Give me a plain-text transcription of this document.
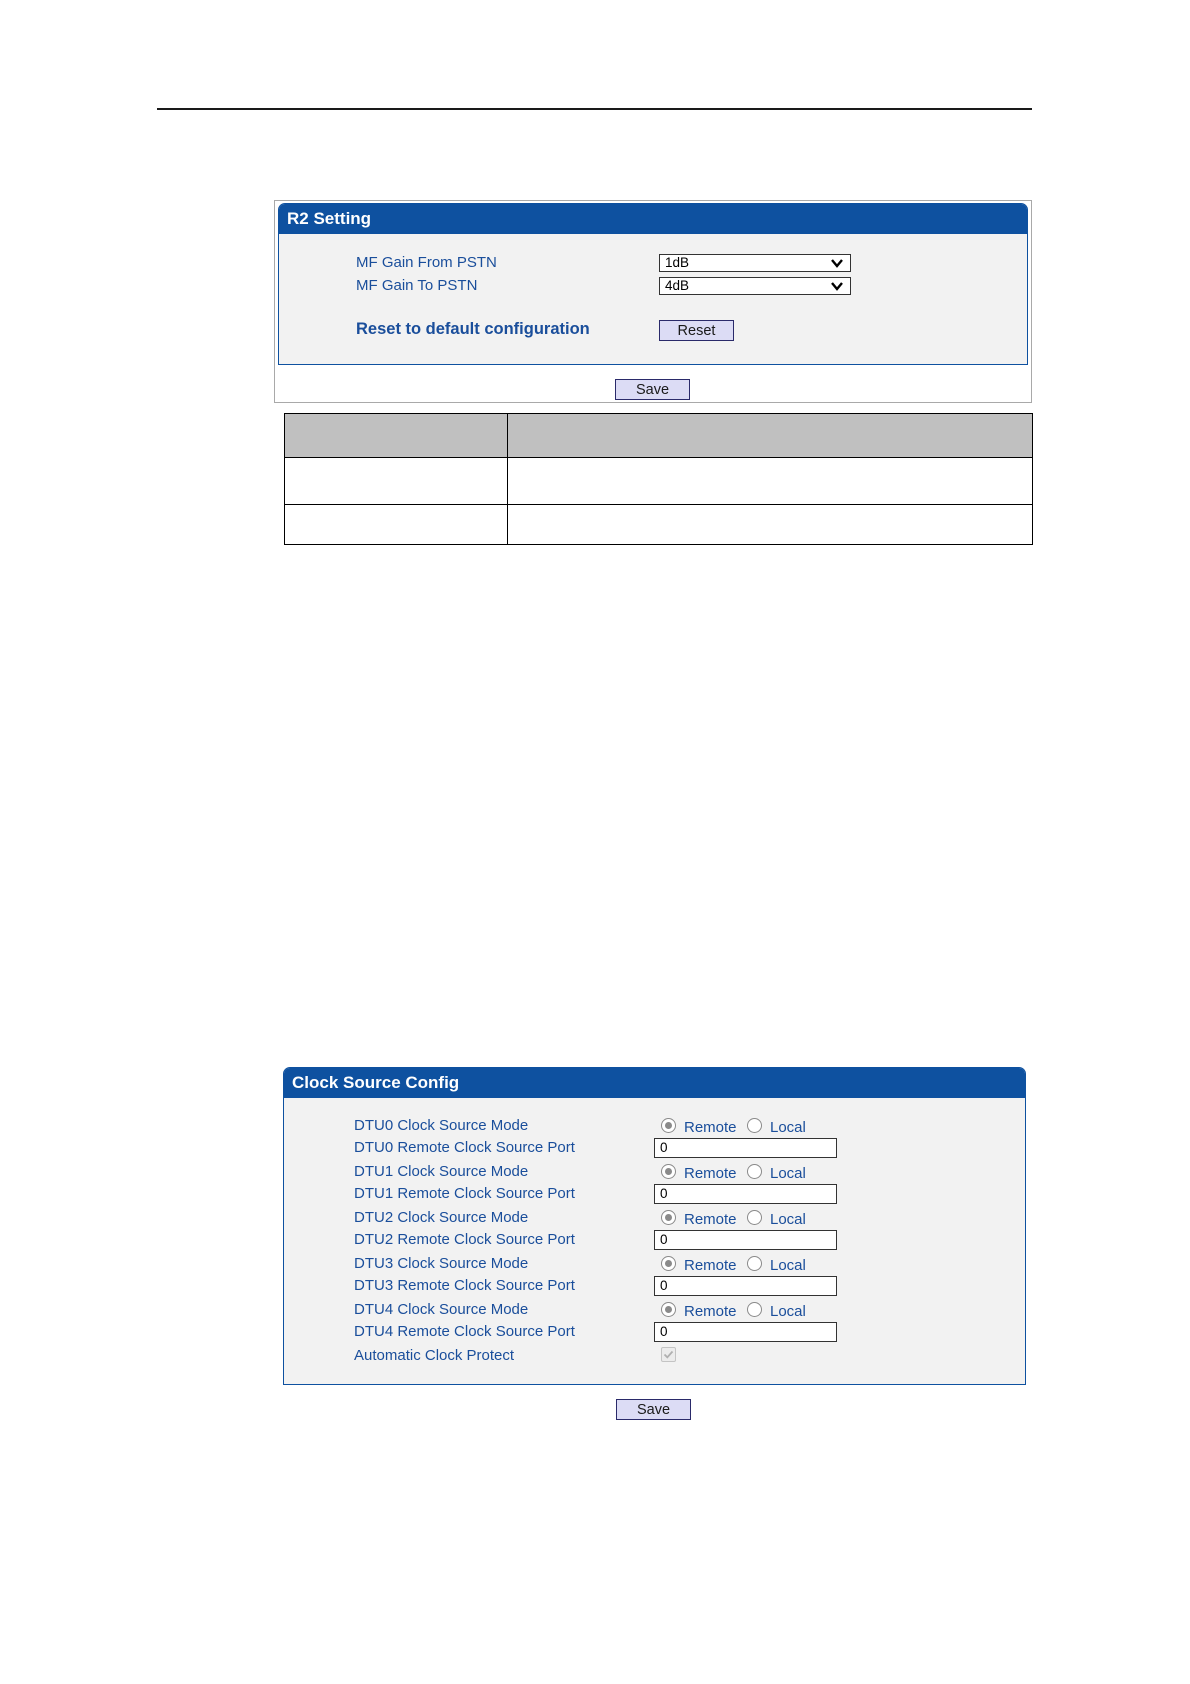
R2 Setting
MF Gain From PSTN	1dB
MF Gain To PSTN	4dB
Reset to default configuration	Reset
Save

Clock Source Config
DTU0 Clock Source Mode	Remote Local
DTU0 Remote Clock Source Port	0
DTU1 Clock Source Mode	Remote Local
DTU1 Remote Clock Source Port	0
DTU2 Clock Source Mode	Remote Local
DTU2 Remote Clock Source Port	0
DTU3 Clock Source Mode	Remote Local
DTU3 Remote Clock Source Port	0
DTU4 Clock Source Mode	Remote Local
DTU4 Remote Clock Source Port	0
Automatic Clock Protect
Save
